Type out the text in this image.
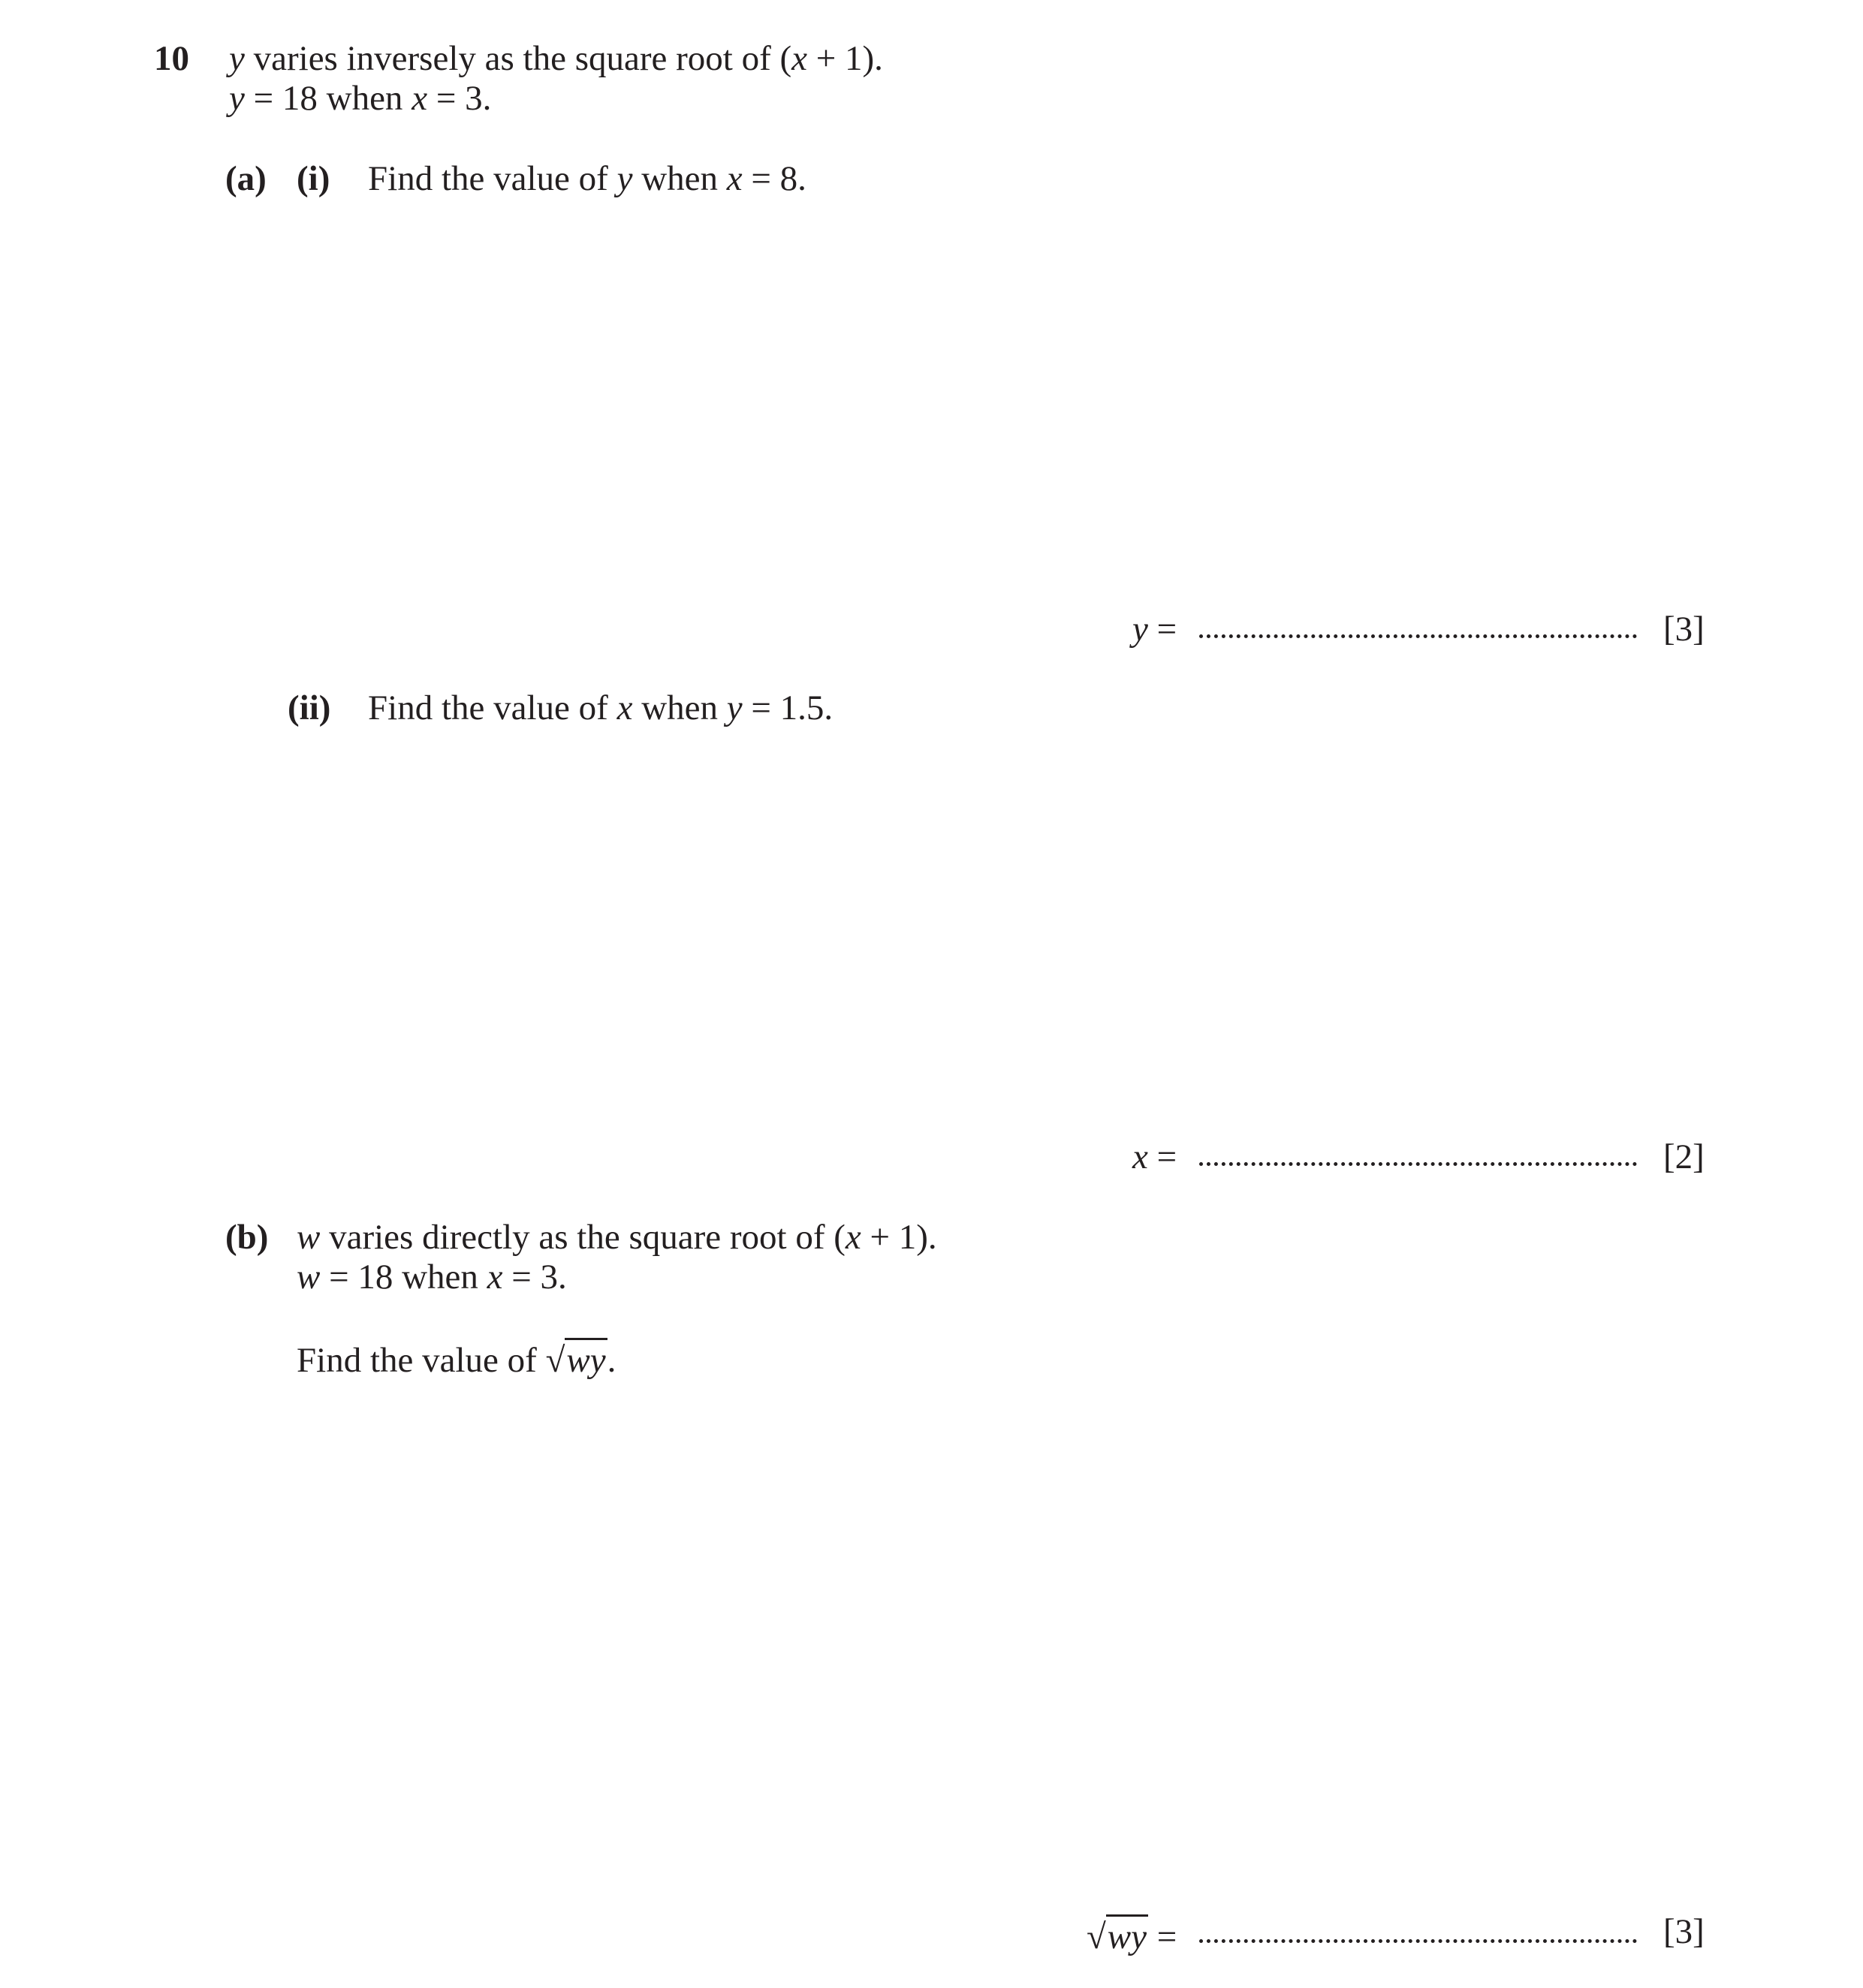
10 y varies inversely as the square root of (x + 1).
y = 18 when x = 3.
(a) (i) Find the value of y when x = 8.
y =	[3]
(ii) Find the value of x when y = 1.5.
x =	[2]
(b) w varies directly as the square root of (x + 1).
w = 18 when x = 3.
Find the value of √wy.
√wy =	[3]
